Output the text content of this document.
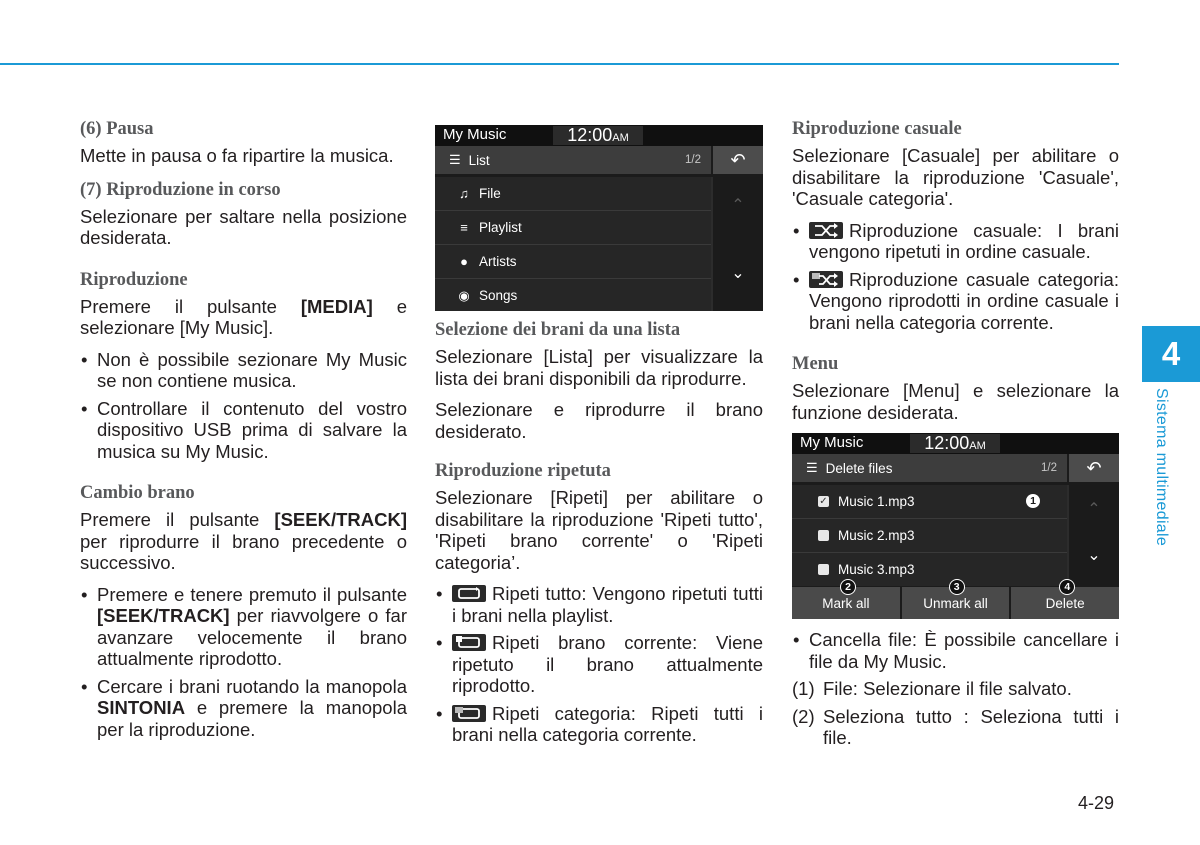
(6) Pausa

Mette in pausa o fa ripartire la musica.

(7) Riproduzione in corso

Selezionare per saltare nella posizione desiderata.

Riproduzione

Premere il pulsante [MEDIA] e selezionare [My Music].

• Non è possibile sezionare My Music se non contiene musica.
• Controllare il contenuto del vostro dispositivo USB prima di salvare la musica su My Music.
Cambio brano

Premere il pulsante [SEEK/TRACK] per riprodurre il brano precedente o successivo.

• Premere e tenere premuto il pulsante [SEEK/TRACK] per riavvolgere o far avanzare velocemente il brano attualmente riprodotto.
• Cercare i brani ruotando la manopola SINTONIA e premere la manopola per la riproduzione.
My Music	12:00AM
☰ List	1/2 ↶
♫ File
≡ Playlist
● Artists
◉ Songs
⌃
⌄
Selezione dei brani da una lista

Selezionare [Lista] per visualizzare la lista dei brani disponibili da riprodurre.

Selezionare e riprodurre il brano desiderato.

Riproduzione ripetuta

Selezionare [Ripeti] per abilitare o disabilitare la riproduzione 'Ripeti tutto', 'Ripeti brano corrente' o 'Ripeti categoria’.

• Ripeti tutto: Vengono ripetuti tutti i brani nella playlist.
• Ripeti brano corrente: Viene ripetuto il brano attualmente riprodotto.
• Ripeti categoria: Ripeti tutti i brani nella categoria corrente.
Riproduzione casuale

Selezionare [Casuale] per abilitare o disabilitare la riproduzione 'Casuale', 'Casuale categoria'.

• Riproduzione casuale: I brani vengono ripetuti in ordine casuale.
• Riproduzione casuale categoria: Vengono riprodotti in ordine casuale i brani nella categoria corrente.
Menu

Selezionare [Menu] e selezionare la funzione desiderata.

My Music	12:00AM
☰ Delete files	1/2 ↶
✓ Music 1.mp3	1
Music 2.mp3
Music 3.mp3
⌃
⌄
2
Mark all
3
Unmark all
4
Delete
• Cancella file: È possibile cancellare i file da My Music.
(1) File: Selezionare il file salvato.
(2) Seleziona tutto : Seleziona tutti i file.
4
Sistema multimediale
4-29
